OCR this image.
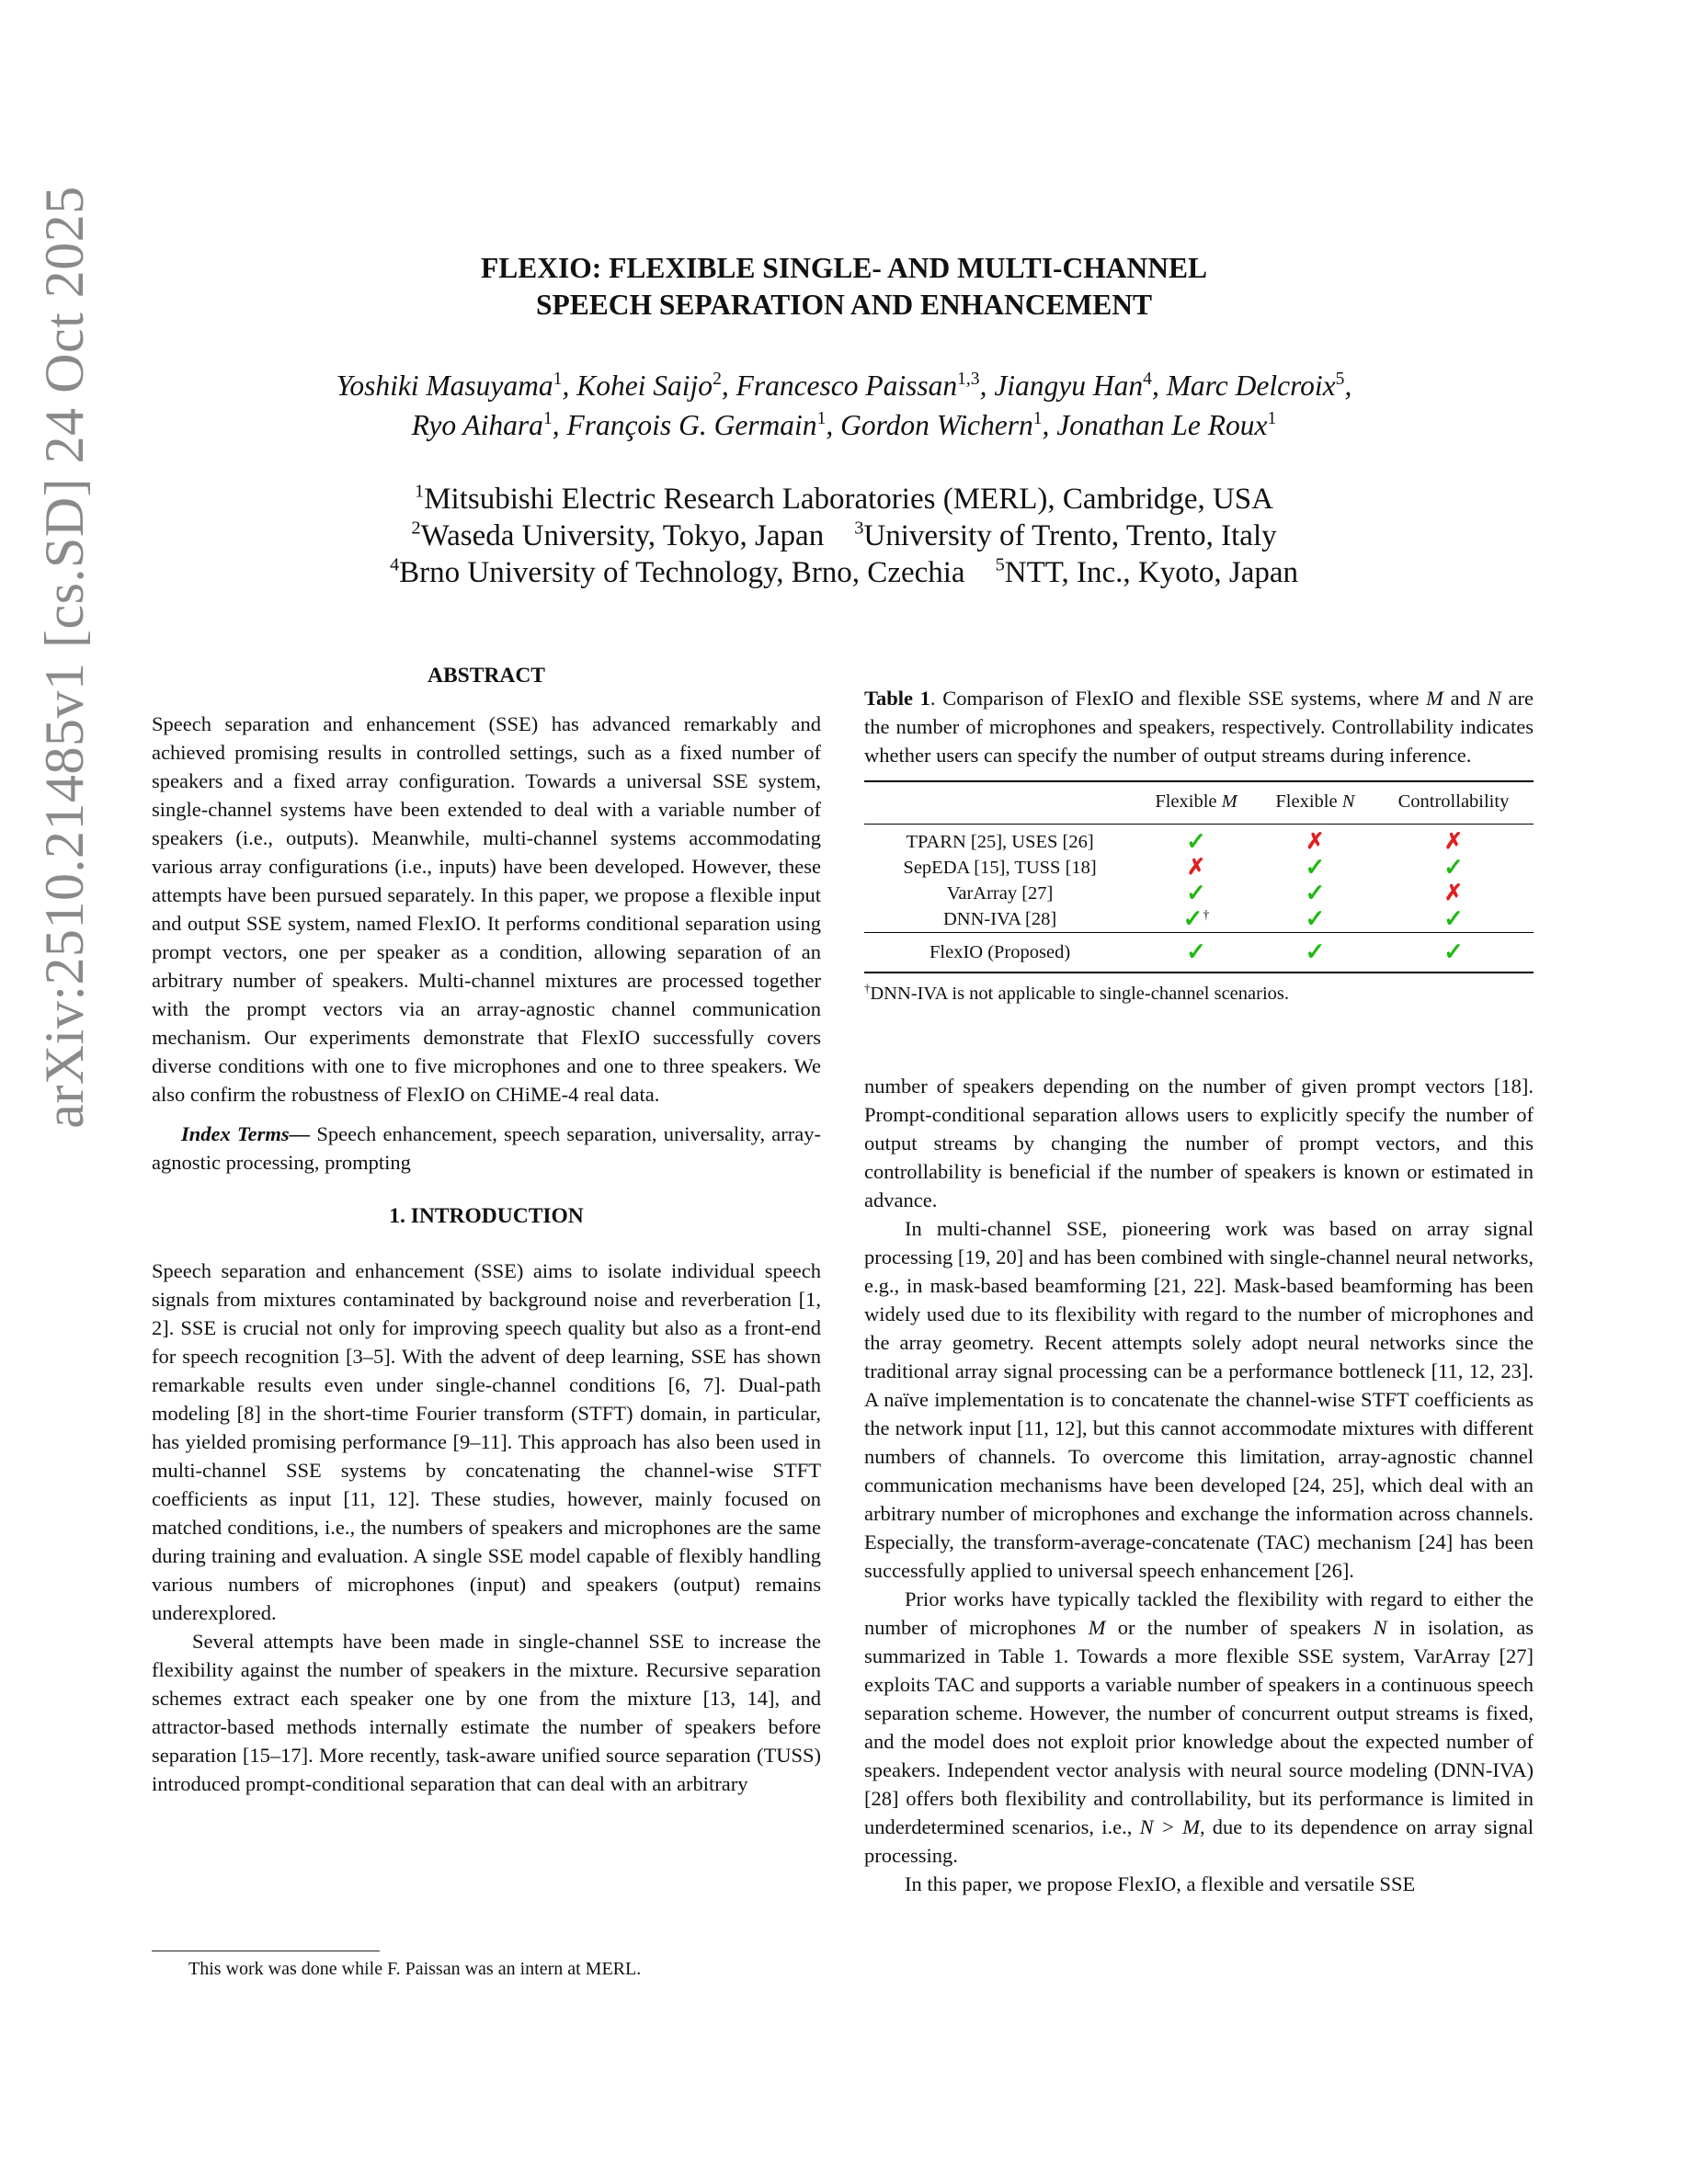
arXiv:2510.21485v1 [cs.SD] 24 Oct 2025	FLEXIO: FLEXIBLE SINGLE- AND MULTI-CHANNEL
SPEECH SEPARATION AND ENHANCEMENT
Yoshiki Masuyama$^1$, Kohei Saijo$^2$, Francesco Paissan$^{1,3}$, Jiangyu Han$^4$, Marc Delcroix$^5$,
Ryo Aihara$^1$, François G. Germain$^1$, Gordon Wichern$^1$, Jonathan Le Roux$^1$
$^1$Mitsubishi Electric Research Laboratories (MERL), Cambridge, USA
$^2$Waseda University, Tokyo, Japan $^3$University of Trento, Trento, Italy
$^4$Brno University of Technology, Brno, Czechia $^5$NTT, Inc., Kyoto, Japan
ABSTRACT

Speech separation and enhancement (SSE) has advanced remarkably and achieved promising results in controlled settings, such as a fixed number of speakers and a fixed array configuration. Towards a universal SSE system, single-channel systems have been extended to deal with a variable number of speakers (i.e., outputs). Meanwhile, multi-channel systems accommodating various array configurations (i.e., inputs) have been developed. However, these attempts have been pursued separately. In this paper, we propose a flexible input and output SSE system, named FlexIO. It performs conditional separation using prompt vectors, one per speaker as a condition, allowing separation of an arbitrary number of speakers. Multi-channel mixtures are processed together with the prompt vectors via an array-agnostic channel communication mechanism. Our experiments demonstrate that FlexIO successfully covers diverse conditions with one to five microphones and one to three speakers. We also confirm the robustness of FlexIO on CHiME-4 real data.

Index Terms— Speech enhancement, speech separation, universality, array-agnostic processing, prompting

1. INTRODUCTION

Speech separation and enhancement (SSE) aims to isolate individual speech signals from mixtures contaminated by background noise and reverberation [1, 2]. SSE is crucial not only for improving speech quality but also as a front-end for speech recognition [3–5]. With the advent of deep learning, SSE has shown remarkable results even under single-channel conditions [6, 7]. Dual-path modeling [8] in the short-time Fourier transform (STFT) domain, in particular, has yielded promising performance [9–11]. This approach has also been used in multi-channel SSE systems by concatenating the channel-wise STFT coefficients as input [11, 12]. These studies, however, mainly focused on matched conditions, i.e., the numbers of speakers and microphones are the same during training and evaluation. A single SSE model capable of flexibly handling various numbers of microphones (input) and speakers (output) remains underexplored.

Several attempts have been made in single-channel SSE to increase the flexibility against the number of speakers in the mixture. Recursive separation schemes extract each speaker one by one from the mixture [13, 14], and attractor-based methods internally estimate the number of speakers before separation [15–17]. More recently, task-aware unified source separation (TUSS) introduced prompt-conditional separation that can deal with an arbitrary

This work was done while F. Paissan was an intern at MERL.

Table 1. Comparison of FlexIO and flexible SSE systems, where M and N are the number of microphones and speakers, respectively. Controllability indicates whether users can specify the number of output streams during inference.

	Flexible M	Flexible N	Controllability
TPARN [25], USES [26]	✓	✗	✗
SepEDA [15], TUSS [18]	✗	✓	✓
VarArray [27]	✓	✓	✗
DNN-IVA [28]	✓†	✓	✓
FlexIO (Proposed)	✓	✓	✓
†DNN-IVA is not applicable to single-channel scenarios.

number of speakers depending on the number of given prompt vectors [18]. Prompt-conditional separation allows users to explicitly specify the number of output streams by changing the number of prompt vectors, and this controllability is beneficial if the number of speakers is known or estimated in advance.

In multi-channel SSE, pioneering work was based on array signal processing [19, 20] and has been combined with single-channel neural networks, e.g., in mask-based beamforming [21, 22]. Mask-based beamforming has been widely used due to its flexibility with regard to the number of microphones and the array geometry. Recent attempts solely adopt neural networks since the traditional array signal processing can be a performance bottleneck [11, 12, 23]. A naïve implementation is to concatenate the channel-wise STFT coefficients as the network input [11, 12], but this cannot accommodate mixtures with different numbers of channels. To overcome this limitation, array-agnostic channel communication mechanisms have been developed [24, 25], which deal with an arbitrary number of microphones and exchange the information across channels. Especially, the transform-average-concatenate (TAC) mechanism [24] has been successfully applied to universal speech enhancement [26].

Prior works have typically tackled the flexibility with regard to either the number of microphones M or the number of speakers N in isolation, as summarized in Table 1. Towards a more flexible SSE system, VarArray [27] exploits TAC and supports a variable number of speakers in a continuous speech separation scheme. However, the number of concurrent output streams is fixed, and the model does not exploit prior knowledge about the expected number of speakers. Independent vector analysis with neural source modeling (DNN-IVA) [28] offers both flexibility and controllability, but its performance is limited in underdetermined scenarios, i.e., N > M, due to its dependence on array signal processing.

In this paper, we propose FlexIO, a flexible and versatile SSE
